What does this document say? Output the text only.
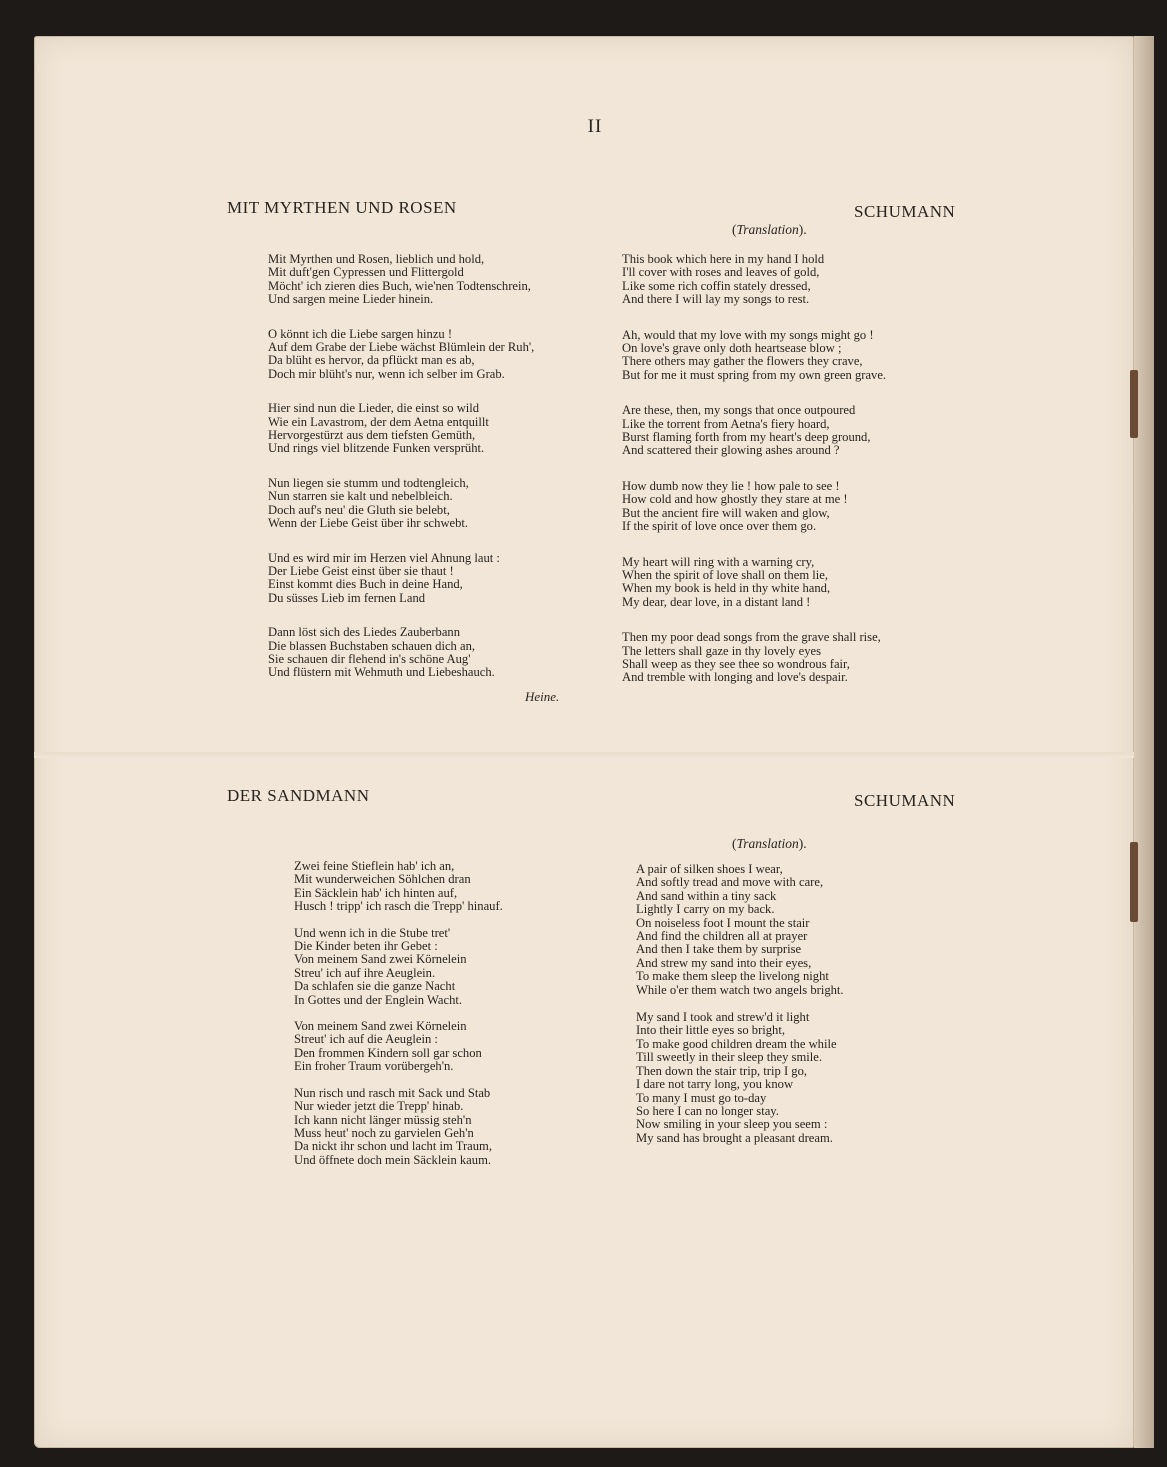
II
MIT MYRTHEN UND ROSEN	SCHUMANN
(Translation).
Mit Myrthen und Rosen, lieblich und hold,
Mit duft'gen Cypressen und Flittergold
Möcht' ich zieren dies Buch, wie'nen Todtenschrein,
Und sargen meine Lieder hinein.
O könnt ich die Liebe sargen hinzu !
Auf dem Grabe der Liebe wächst Blümlein der Ruh',
Da blüht es hervor, da pflückt man es ab,
Doch mir blüht's nur, wenn ich selber im Grab.
Hier sind nun die Lieder, die einst so wild
Wie ein Lavastrom, der dem Aetna entquillt
Hervorgestürzt aus dem tiefsten Gemüth,
Und rings viel blitzende Funken versprüht.
Nun liegen sie stumm und todtengleich,
Nun starren sie kalt und nebelbleich.
Doch auf's neu' die Gluth sie belebt,
Wenn der Liebe Geist über ihr schwebt.
Und es wird mir im Herzen viel Ahnung laut :
Der Liebe Geist einst über sie thaut !
Einst kommt dies Buch in deine Hand,
Du süsses Lieb im fernen Land
Dann löst sich des Liedes Zauberbann
Die blassen Buchstaben schauen dich an,
Sie schauen dir flehend in's schöne Aug'
Und flüstern mit Wehmuth und Liebeshauch.
This book which here in my hand I hold
I'll cover with roses and leaves of gold,
Like some rich coffin stately dressed,
And there I will lay my songs to rest.
Ah, would that my love with my songs might go !
On love's grave only doth heartsease blow ;
There others may gather the flowers they crave,
But for me it must spring from my own green grave.
Are these, then, my songs that once outpoured
Like the torrent from Aetna's fiery hoard,
Burst flaming forth from my heart's deep ground,
And scattered their glowing ashes around ?
How dumb now they lie ! how pale to see !
How cold and how ghostly they stare at me !
But the ancient fire will waken and glow,
If the spirit of love once over them go.
My heart will ring with a warning cry,
When the spirit of love shall on them lie,
When my book is held in thy white hand,
My dear, dear love, in a distant land !
Then my poor dead songs from the grave shall rise,
The letters shall gaze in thy lovely eyes
Shall weep as they see thee so wondrous fair,
And tremble with longing and love's despair.
Heine.
DER SANDMANN	SCHUMANN
(Translation).
Zwei feine Stieflein hab' ich an,
Mit wunderweichen Söhlchen dran
Ein Säcklein hab' ich hinten auf,
Husch ! tripp' ich rasch die Trepp' hinauf.
Und wenn ich in die Stube tret'
Die Kinder beten ihr Gebet :
Von meinem Sand zwei Körnelein
Streu' ich auf ihre Aeuglein.
Da schlafen sie die ganze Nacht
In Gottes und der Englein Wacht.
Von meinem Sand zwei Körnelein
Streut' ich auf die Aeuglein :
Den frommen Kindern soll gar schon
Ein froher Traum vorübergeh'n.
Nun risch und rasch mit Sack und Stab
Nur wieder jetzt die Trepp' hinab.
Ich kann nicht länger müssig steh'n
Muss heut' noch zu garvielen Geh'n
Da nickt ihr schon und lacht im Traum,
Und öffnete doch mein Säcklein kaum.
A pair of silken shoes I wear,
And softly tread and move with care,
And sand within a tiny sack
Lightly I carry on my back.
On noiseless foot I mount the stair
And find the children all at prayer
And then I take them by surprise
And strew my sand into their eyes,
To make them sleep the livelong night
While o'er them watch two angels bright.
My sand I took and strew'd it light
Into their little eyes so bright,
To make good children dream the while
Till sweetly in their sleep they smile.
Then down the stair trip, trip I go,
I dare not tarry long, you know
To many I must go to-day
So here I can no longer stay.
Now smiling in your sleep you seem :
My sand has brought a pleasant dream.
